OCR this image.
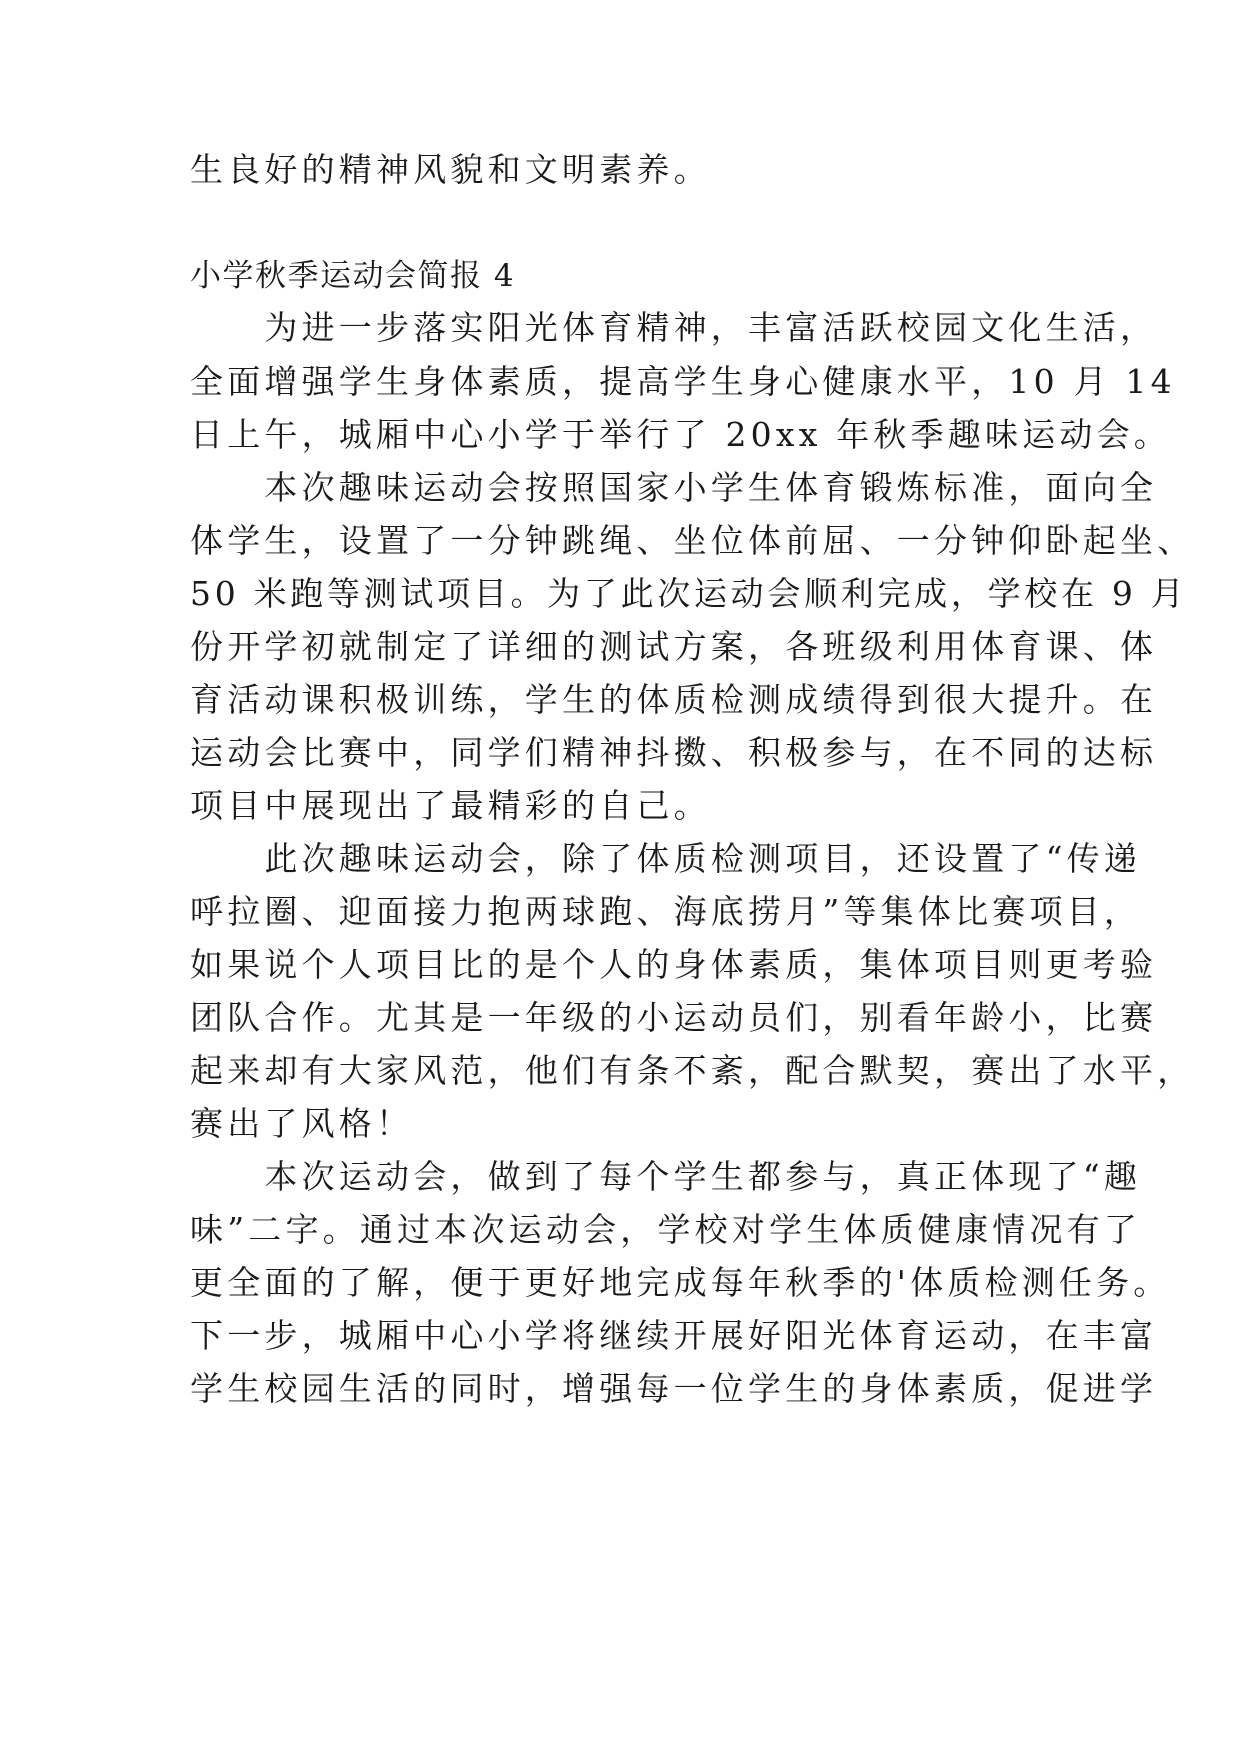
生良好的精神风貌和文明素养。
小学秋季运动会简报 4
　　为进一步落实阳光体育精神，丰富活跃校园文化生活，
全面增强学生身体素质，提高学生身心健康水平，10 月 14
日上午，城厢中心小学于举行了 20xx 年秋季趣味运动会。
　　本次趣味运动会按照国家小学生体育锻炼标准，面向全
体学生，设置了一分钟跳绳、坐位体前屈、一分钟仰卧起坐、
50 米跑等测试项目。为了此次运动会顺利完成，学校在 9 月
份开学初就制定了详细的测试方案，各班级利用体育课、体
育活动课积极训练，学生的体质检测成绩得到很大提升。在
运动会比赛中，同学们精神抖擞、积极参与，在不同的达标
项目中展现出了最精彩的自己。
　　此次趣味运动会，除了体质检测项目，还设置了“传递
呼拉圈、迎面接力抱两球跑、海底捞月”等集体比赛项目，
如果说个人项目比的是个人的身体素质，集体项目则更考验
团队合作。尤其是一年级的小运动员们，别看年龄小，比赛
起来却有大家风范，他们有条不紊，配合默契，赛出了水平，
赛出了风格！
　　本次运动会，做到了每个学生都参与，真正体现了“趣
味”二字。通过本次运动会，学校对学生体质健康情况有了
更全面的了解，便于更好地完成每年秋季的'体质检测任务。
下一步，城厢中心小学将继续开展好阳光体育运动，在丰富
学生校园生活的同时，增强每一位学生的身体素质，促进学
